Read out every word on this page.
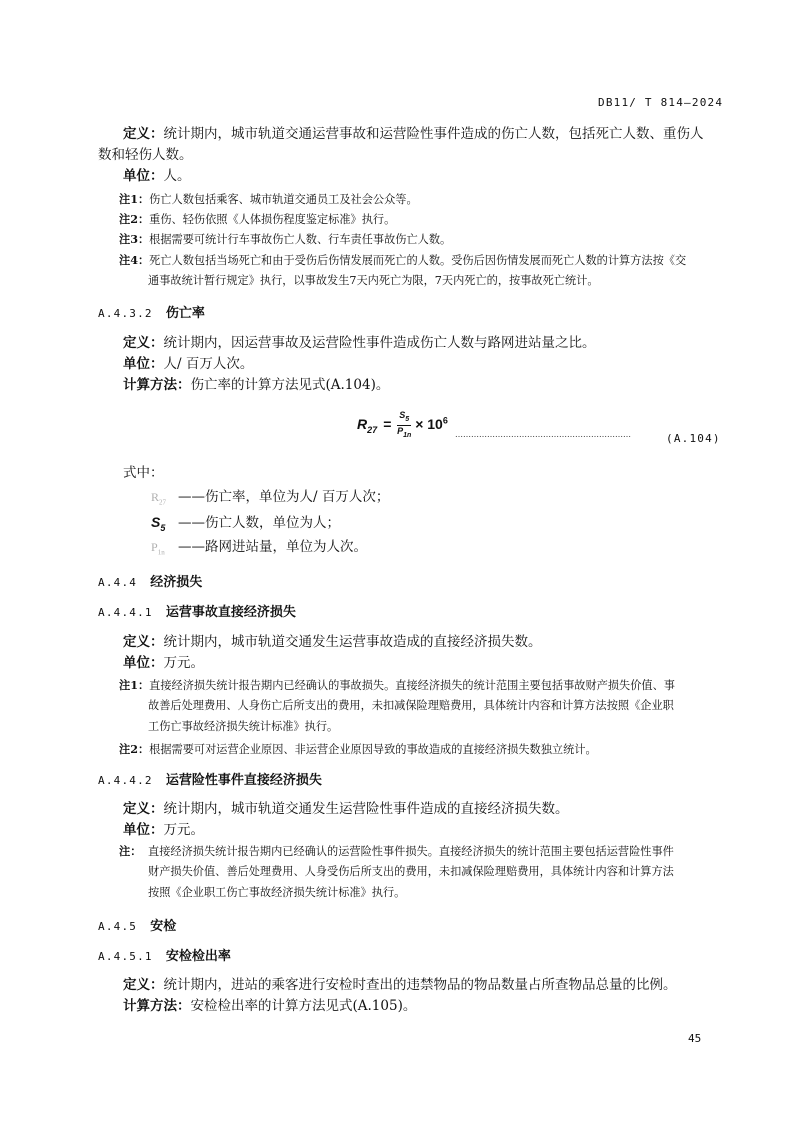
DB11/ T 814—2024
定义：统计期内，城市轨道交通运营事故和运营险性事件造成的伤亡人数，包括死亡人数、重伤人
数和轻伤人数。
单位：人。
注1：伤亡人数包括乘客、城市轨道交通员工及社会公众等。
注2：重伤、轻伤依照《人体损伤程度鉴定标准》执行。
注3：根据需要可统计行车事故伤亡人数、行车责任事故伤亡人数。
注4：死亡人数包括当场死亡和由于受伤后伤情发展而死亡的人数。受伤后因伤情发展而死亡人数的计算方法按《交
通事故统计暂行规定》执行，以事故发生7天内死亡为限，7天内死亡的，按事故死亡统计。
A.4.3.2 伤亡率
定义：统计期内，因运营事故及运营险性事件造成伤亡人数与路网进站量之比。
单位：人/ 百万人次。
计算方法：伤亡率的计算方法见式(A.104)。
$R_{27} = \frac{S_5}{P_{1n}} \times 10^6$
…………………………………………………………	(A.104)
式中：
$R_{27}$ ——伤亡率，单位为人/ 百万人次；
$S_5$ ——伤亡人数，单位为人；
$P_{1n}$ ——路网进站量，单位为人次。
A.4.4 经济损失
A.4.4.1 运营事故直接经济损失
定义：统计期内，城市轨道交通发生运营事故造成的直接经济损失数。
单位：万元。
注1：直接经济损失统计报告期内已经确认的事故损失。直接经济损失的统计范围主要包括事故财产损失价值、事
故善后处理费用、人身伤亡后所支出的费用，未扣减保险理赔费用，具体统计内容和计算方法按照《企业职
工伤亡事故经济损失统计标准》执行。
注2：根据需要可对运营企业原因、非运营企业原因导致的事故造成的直接经济损失数独立统计。
A.4.4.2 运营险性事件直接经济损失
定义：统计期内，城市轨道交通发生运营险性事件造成的直接经济损失数。
单位：万元。
注： 直接经济损失统计报告期内已经确认的运营险性事件损失。直接经济损失的统计范围主要包括运营险性事件
财产损失价值、善后处理费用、人身受伤后所支出的费用，未扣减保险理赔费用，具体统计内容和计算方法
按照《企业职工伤亡事故经济损失统计标准》执行。
A.4.5 安检
A.4.5.1 安检检出率
定义：统计期内，进站的乘客进行安检时查出的违禁物品的物品数量占所查物品总量的比例。
计算方法：安检检出率的计算方法见式(A.105)。
45
